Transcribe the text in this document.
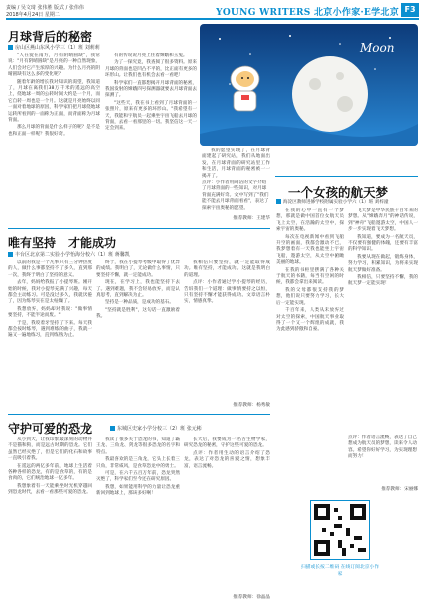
责编 / 吴文琦 张伟胜 版式 / 张伟伟
2018年4月24日 星期二	YOUNG WRITERS 北京小作家·E学北京 F3
月球背后的秘密
房山区燕山东风小学三（1）班 刘莉莉

"人在爱在南方，月有阴晴圆缺"，我常说："月有阴晴圆缺"是月亮的一种自然现象，人们会对它产生浓厚的兴趣。为什么月亮的阴晴圆缺有这么多的变化呢？

随着年龄的增长我对知识的渴望，我知道了，月球在离我们38万千米的遥远的高空上，绕地球一周的公转时间大约是一个月，而它自转一周也是一个月。这就是月亮始终以同一面对着地球的原因，科学家们把月球绕地球运转所看到的一面称为正面，而背面称为月球背面。

那么月球的背面是什么样子的呢？是不是也和正面一样呢？我很好奇。

有的传说说月亮上住着嫦娥和玉兔。

为了一探究竟，我查阅了很多资料。原来月球的背面也是凹凸不平的，比正面有更多的环形山。让我们也有机会去看一看吧！

科学家们一直都想揭开月球背面的秘密，我国发射的嫦娥四号探测器就要去月球背面去探测了。

"这些天，我在书上看到了月球背面的一张照片，原来有更多的环形山。"我希望有一天，我能和宇航员一起乘坐宇宙飞船去月球的背面，去看一看那里的一切。我坚信这一天一定会到来。

我的愿望实现了，在月球背面建起了研究站，我们从地面出发，在月球背面的研究站里工作和生活，月球背面的秘密被一一揭开了。

点评：小作者用简洁的文字介绍了月球背面的一些知识，对月球背面充满好奇。文中写到了"我们能不能去月球背面看看"，表达了探索宇宙奥秘的愿望。
推荐教师：王建华
Moon
一个女孩的航天梦
海淀区教师进修学校附属实验小学六（1）班 刘梓潼

在我的心中一直有一个梦想，那就是做中国首位女航天员飞上太空，在浩瀚的太空中，探索宇宙的奥秘。

每次在电视新闻中看到飞船升空的画面，我都会激动不已，我梦想着有一天我也能坐上宇宙飞船，遨游太空，从太空中俯瞰美丽的地球。

在我的书柜里摆满了各种关于航天的书籍，每当有空闲的时候，我都会拿出来阅读。

我的父母都很支持我的梦想，他们说只要努力学习，长大后一定能实现。

千百年来，人类从未放弃过对太空的探索，中国航天事业取得了一个又一个辉煌的成就，我为此感到骄傲和自豪。

飞天梦是中华民族千百年来的梦想。从"嫦娥奔月"的神话传说，到"神舟"飞船遨游太空，中国人一步一步实现着飞天梦想。

我知道，要成为一名航天员，不仅要有强健的体魄，还要有丰富的科学知识。

我要从现在做起，锻炼身体，努力学习，积累知识，为将来实现航天梦做好准备。

我相信，只要坚持不懈，我的航天梦一定能实现！

点评：作者语言流畅，表达了自己想成为航天员的梦想，读来令人动容。希望你好好学习，为实现理想而努力！
推荐教师：宋丽娜
扫描或长按二维码 在线订阅北京小作家
唯有坚持　才能成功
丰台区北京第二实验小学怡海分校六（1）班 蒋馨凯

以前的我是一个凡事只有三分钟热度的人，做什么事都坚持不了多久，直到那一次，我终于明白了坚持的意义。

去年，妈妈给我报了小提琴班。刚开始的时候，我对小提琴充满了兴趣，每天都会主动练习。可是没过多久，我就厌倦了，因为练琴实在是太枯燥了。

我想放弃，妈妈却对我说："做事情要坚持，不能半途而废。"

于是，我咬着牙坚持了下来。每天我都会按时练琴，遇到难练的曲子，我就一遍又一遍地练习，直到练熟为止。

终于，我在小提琴考级中取得了优异的成绩。我明白了，无论做什么事情，只要坚持不懈，就一定能成功。

现在，在学习上，我也能坚持下去了。遇到难题，我不会轻易放弃，而是认真思考，直到解决为止。

坚持是一种品质，是成功的基石。

"坚持就是胜利"，这句话一直激励着我。

我相信只要坚持，就一定能取得成功。唯有坚持，才能成功。这就是我明白的道理。

点评：小作者通过学小提琴的经历，告诉我们一个道理：做事情要持之以恒，只有坚持不懈才能获得成功。文章语言朴实，情感真挚。

推荐教师：杨秀敏
守护可爱的恐龙	东城区史家小学分校三（2）班 张元彬

从小到大，让我印象最深刻的动物并不是猫和狗，而是远古时期的恐龙。它们虽然已经灭绝了，但是它们的化石和故事一直吸引着我。

在遥远的两亿多年前，地球上生活着各种各样的恐龙，有的是食草的，有的是食肉的，它们统治地球一亿多年。

我想象着有一天能乘坐时光机穿越回到恐龙时代，去看一看那些可爱的恐龙。

我读了很多关于恐龙的书，知道了霸王龙、三角龙、剑龙等很多恐龙的名字和特点。

我最喜欢的是三角龙，它头上长着三只角，非常威风，是食草恐龙中的勇士。

可是，在六千五百万年前，恐龙突然灭绝了，科学家们至今还在研究原因。

我想，如果能用科学的力量让恐龙重新回到地球上，那该多好啊！

长大后，我要成为一名古生物学家，研究恐龙的秘密，守护这些可爱的恐龙。

点评：作者用生动的语言介绍了恐龙，表达了对恐龙的喜爱之情，想象丰富，语言流畅。

推荐教师：徐晶晶
